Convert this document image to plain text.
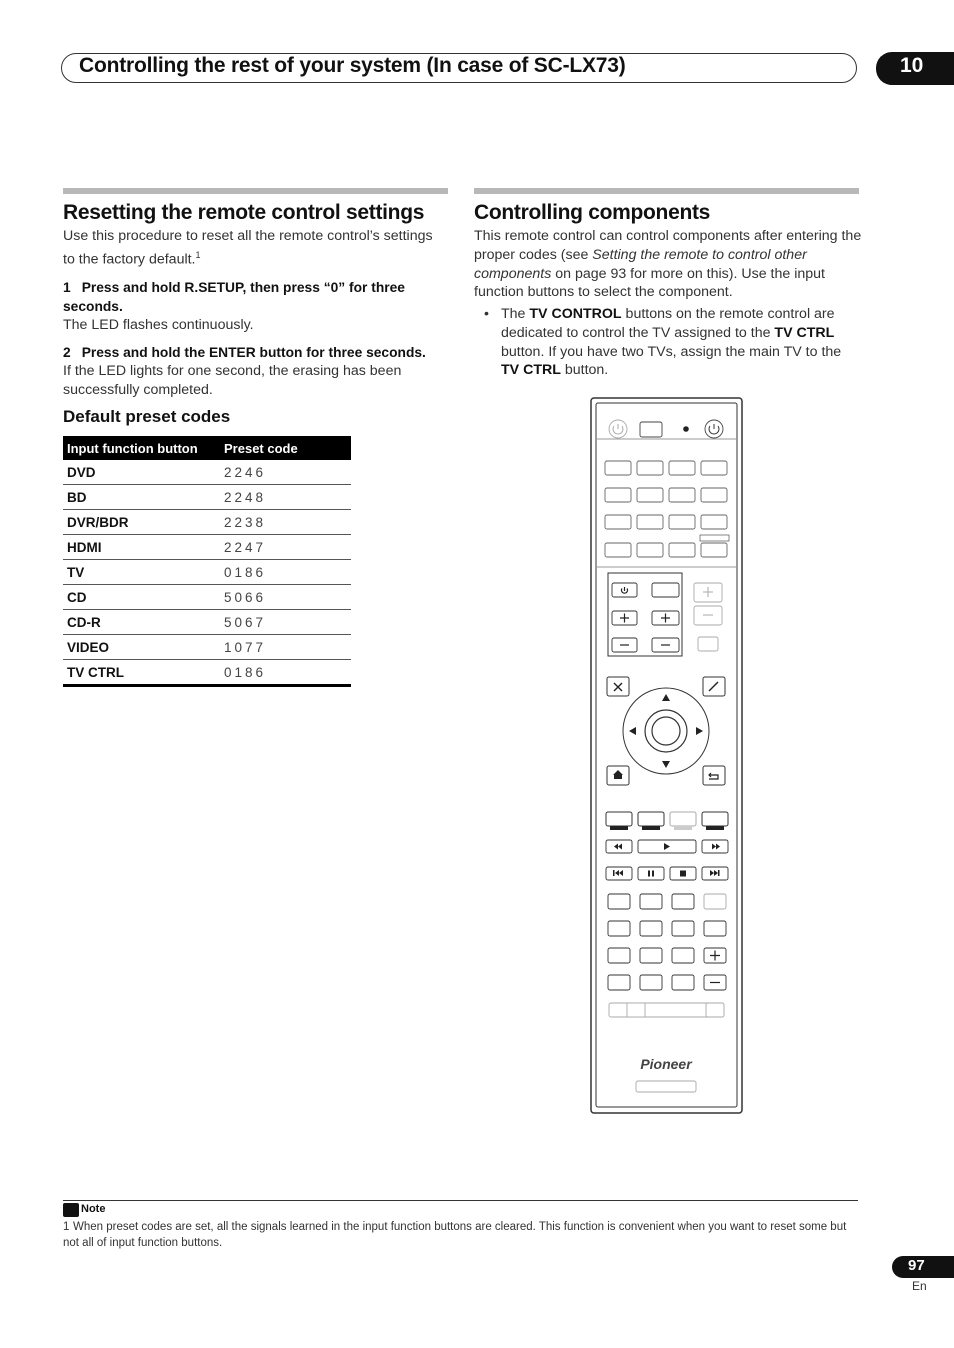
Controlling the rest of your system (In case of SC-LX73)	10
Resetting the remote control settings

Use this procedure to reset all the remote control’s settings to the factory default.$^1$

1 Press and hold R.SETUP, then press “0” for three seconds.

The LED flashes continuously.

2 Press and hold the ENTER button for three seconds.

If the LED lights for one second, the erasing has been successfully completed.

Default preset codes
Input function button	Preset code
DVD	2246
BD	2248
DVR/BDR	2238
HDMI	2247
TV	0186
CD	5066
CD-R	5067
VIDEO	1077
TV CTRL	0186
Controlling components

This remote control can control components after entering the proper codes (see Setting the remote to control other components on page 93 for more on this). Use the input function buttons to select the component.

• The TV CONTROL buttons on the remote control are dedicated to control the TV assigned to the TV CTRL button. If you have two TVs, assign the main TV to the TV CTRL button.
Pioneer
Note
1 When preset codes are set, all the signals learned in the input function buttons are cleared. This function is convenient when you want to reset some but not all of input function buttons.
97
En
